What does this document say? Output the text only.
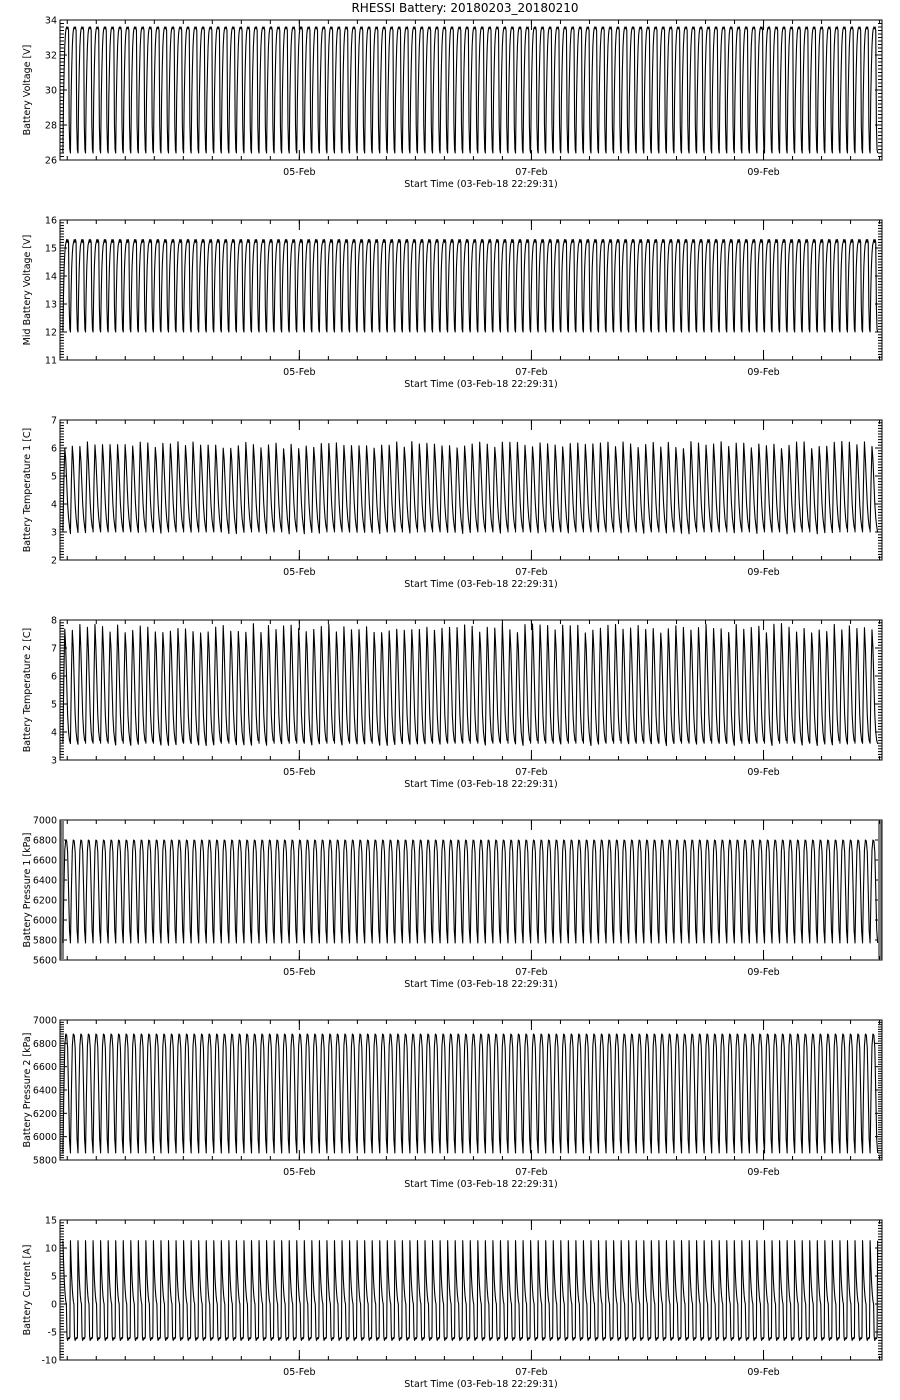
RHESSI Battery: 20180203_20180210
26
28
30
32
34
Battery Voltage [V]
05-Feb	07-Feb	09-Feb
Start Time (03-Feb-18 22:29:31)
11
12
13
14
15
16
Mid Battery Voltage [V]
05-Feb	07-Feb	09-Feb
Start Time (03-Feb-18 22:29:31)
2
3
4
5
6
7
Battery Temperature 1 [C]
05-Feb	07-Feb	09-Feb
Start Time (03-Feb-18 22:29:31)
3
4
5
6
7
8
Battery Temperature 2 [C]
05-Feb	07-Feb	09-Feb
Start Time (03-Feb-18 22:29:31)
5600
5800
6000
6200
6400
6600
6800
7000
Battery Pressure 1 [kPa]
05-Feb	07-Feb	09-Feb
Start Time (03-Feb-18 22:29:31)
5800
6000
6200
6400
6600
6800
7000
Battery Pressure 2 [kPa]
05-Feb	07-Feb	09-Feb
Start Time (03-Feb-18 22:29:31)
-10
-5
0
5
10
15
Battery Current [A]
05-Feb	07-Feb	09-Feb
Start Time (03-Feb-18 22:29:31)
